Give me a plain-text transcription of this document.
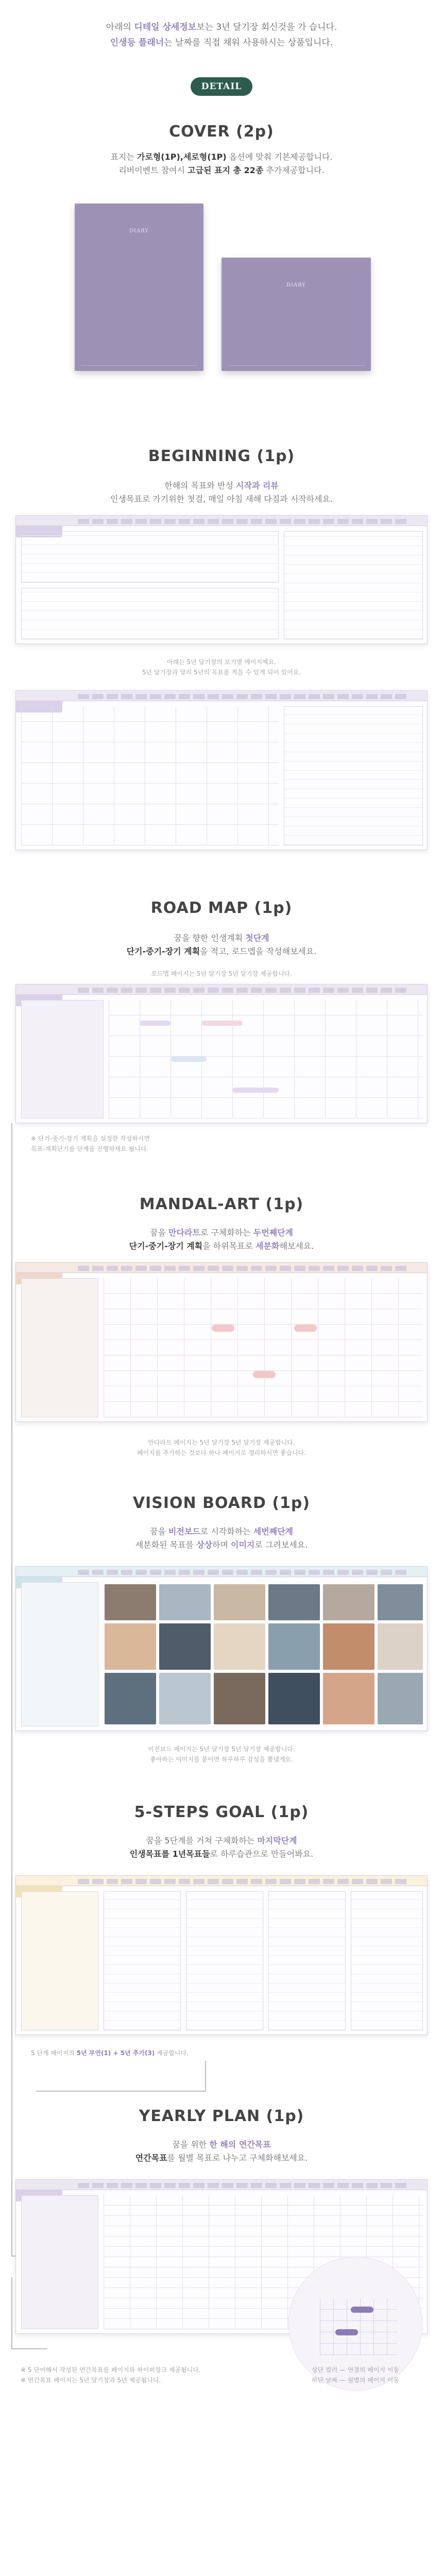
아래의 디테일 상세정보보는 3년 달기장 회신것을 가 습니다.
인생등 플래너는 날짜를 직접 채워 사용하시는 상품입니다.
DETAIL
COVER (2p)
표지는 가로형(1P),세로형(1P) 옵션에 맞춰 기본제공합니다.
리버이벤트 참여시 고급된 표지 총 22종 추가제공합니다.
DIARY
DIARY
BEGINNING (1p)
한해의 목표와 반성 시작과 리뷰
인생목표로 가기위한 첫걸, 매일 아침 새해 다짐과 시작하세요.
아래는 5년 달기장의 보기별 메이지예요.
5년 달기장과 달리 5년의 목표를 적을 수 있게 되어 있어요.
ROAD MAP (1p)
꿈을 향한 인생계획 첫단계
단기-중기-장기 계획을 적고, 로드맵을 작성해보세요.
로드맵 페이지는 5년 달기장 5년 달기장 제공합니다.
※ 단기-중기-장기 계획을 설정한 작성하시면
목표-계획단기를 단계를 진행하세요 됩니다.
MANDAL-ART (1p)
꿈을 만다라트로 구체화하는 두번째단계
단기-중기-장기 계획을 하위목표로 세분화해보세요.
만다라트 페이지는 5년 달기장 5년 달기장 제공합니다.
페이지를 추가하는 것보다 하나 페이지로 정리하시면 좋습니다.
VISION BOARD (1p)
꿈을 비전보드로 시각화하는 세번째단계
세분화된 목표를 상상하며 이미지로 그려보세요.
비전보드 페이지는 5년 달기장 5년 달기장 제공합니다.
좋아하는 이미지를 붙이면 하루하루 감성을 뽐낼게요.
5-STEPS GOAL (1p)
꿈을 5단계를 거쳐 구체화하는 마지막단계
인생목표를 1년목표들로 하루습관으로 만들어봐요.
5 단계 페이지의 5년 부연(1) + 5년 추가(3) 제공합니다.
YEARLY PLAN (1p)
꿈을 위한 한 해의 연간목표
연간목표를 월별 목표로 나누고 구체화해보세요.
상단 컬러 — 연결의 페이지 이동
하단 날짜 — 월별의 페이지 이동
※ 5 단어해서 작성된 연간목표를 페이지와 하이퍼링크 제공됩니다.
※ 연간목표 페이지는 5년 달기장과 5년 제공됩니다.
